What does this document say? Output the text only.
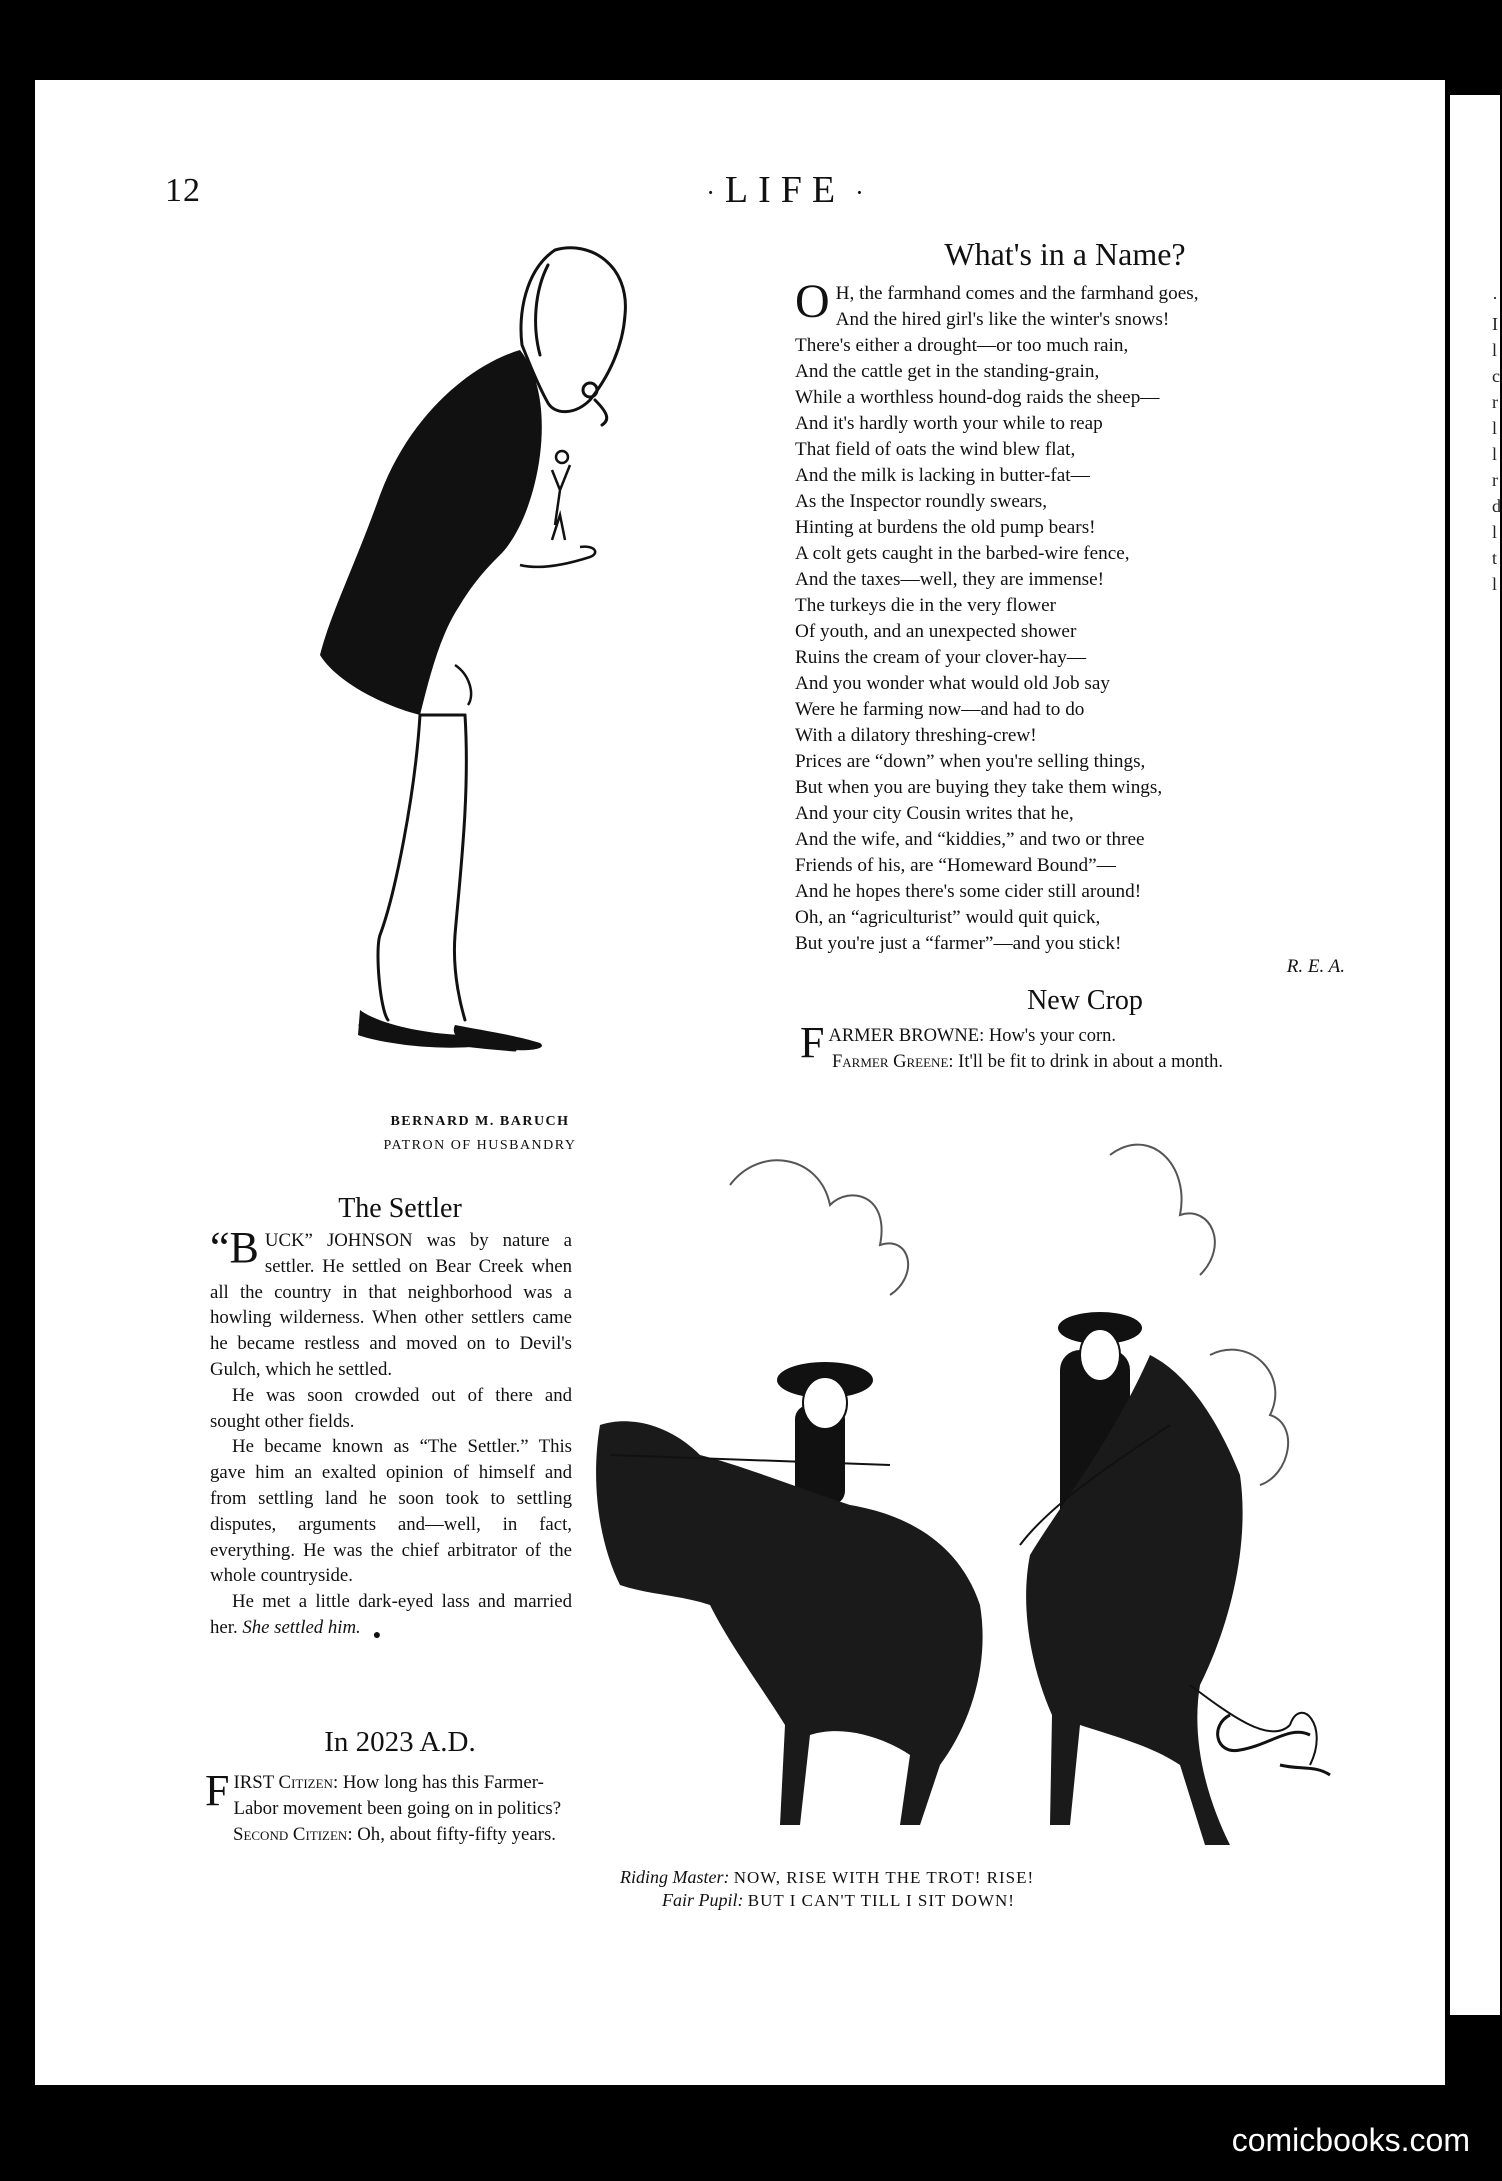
· I l c r l l r d l t l
12	· LIFE ·
BERNARD M. BARUCH
PATRON OF HUSBANDRY
What's in a Name?
O H, the farmhand comes and the farmhand goes,
And the hired girl's like the winter's snows!
There's either a drought—or too much rain,
And the cattle get in the standing-grain,
While a worthless hound-dog raids the sheep—
And it's hardly worth your while to reap
That field of oats the wind blew flat,
And the milk is lacking in butter-fat—
As the Inspector roundly swears,
Hinting at burdens the old pump bears!
A colt gets caught in the barbed-wire fence,
And the taxes—well, they are immense!
The turkeys die in the very flower
Of youth, and an unexpected shower
Ruins the cream of your clover-hay—
And you wonder what would old Job say
Were he farming now—and had to do
With a dilatory threshing-crew!
Prices are “down” when you're selling things,
But when you are buying they take them wings,
And your city Cousin writes that he,
And the wife, and “kiddies,” and two or three
Friends of his, are “Homeward Bound”—
And he hopes there's some cider still around!
Oh, an “agriculturist” would quit quick,
But you're just a “farmer”—and you stick!
R. E. A.
New Crop
F ARMER BROWNE: How's your corn.
Farmer Greene: It'll be fit to drink in about a month.
The Settler

“B UCK” JOHNSON was by nature a settler. He settled on Bear Creek when all the country in that neighborhood was a howling wilderness. When other settlers came he became restless and moved on to Devil's Gulch, which he settled.

He was soon crowded out of there and sought other fields.

He became known as “The Settler.” This gave him an exalted opinion of himself and from settling land he soon took to settling disputes, arguments and—well, in fact, everything. He was the chief arbitrator of the whole countryside.

He met a little dark-eyed lass and married her. She settled him. $_●$

In 2023 A.D.

FIRST Citizen: How long has this Farmer-Labor movement been going on in politics?

Second Citizen: Oh, about fifty-fifty years.

Riding Master: NOW, RISE WITH THE TROT! RISE!
Fair Pupil: BUT I CAN'T TILL I SIT DOWN!
comicbooks.com
